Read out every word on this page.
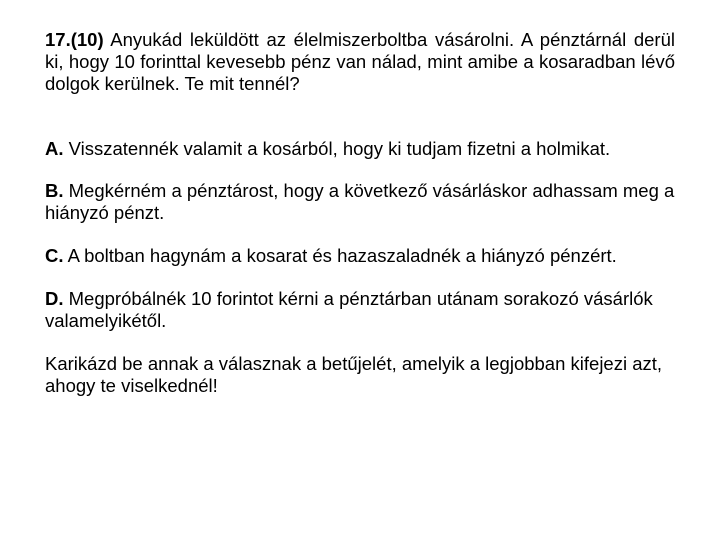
17.(10) Anyukád leküldött az élelmiszerboltba vásárolni. A pénztárnál derül ki, hogy 10 forinttal kevesebb pénz van nálad, mint amibe a kosaradban lévő dolgok kerülnek. Te mit tennél?

A. Visszatennék valamit a kosárból, hogy ki tudjam fizetni a holmikat.

B. Megkérném a pénztárost, hogy a következő vásárláskor adhassam meg a hiányzó pénzt.

C. A boltban hagynám a kosarat és hazaszaladnék a hiányzó pénzért.

D. Megpróbálnék 10 forintot kérni a pénztárban utánam sorakozó vásárlók valamelyikétől.

Karikázd be annak a válasznak a betűjelét, amelyik a legjobban kifejezi azt, ahogy te viselkednél!
